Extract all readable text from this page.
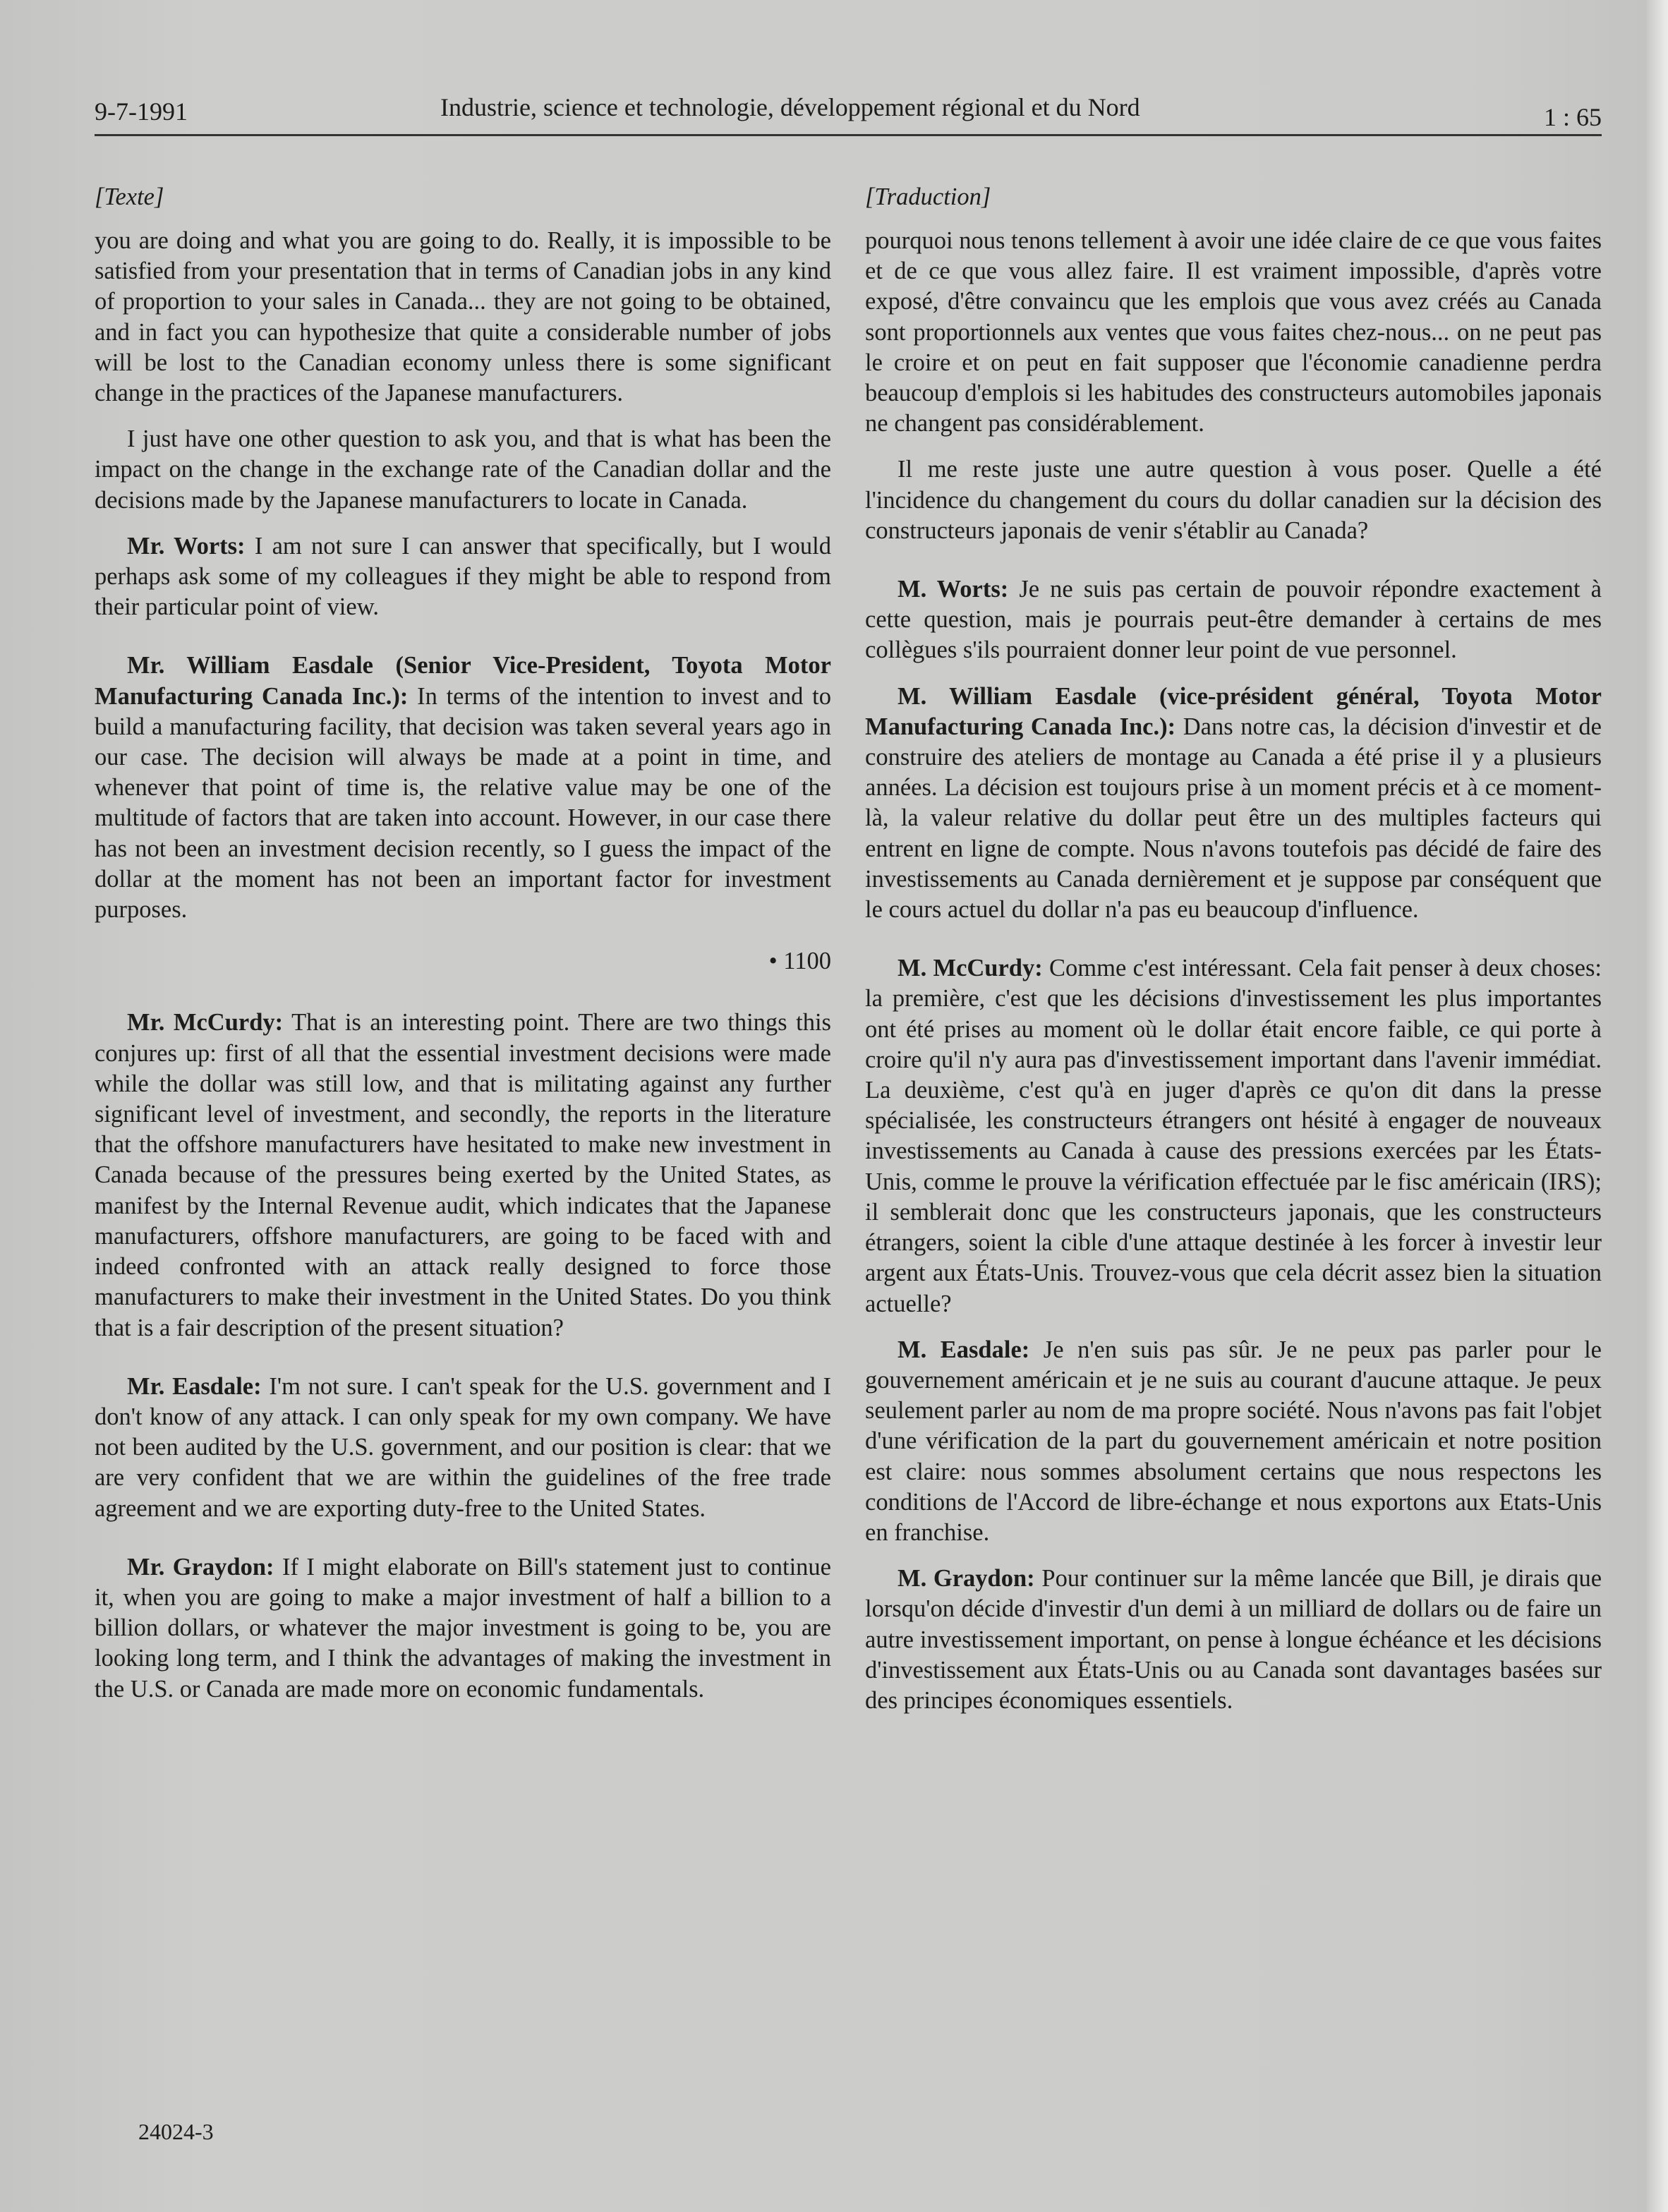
9-7-1991	Industrie, science et technologie, développement régional et du Nord	1 : 65
[Texte]

you are doing and what you are going to do. Really, it is impossible to be satisfied from your presentation that in terms of Canadian jobs in any kind of proportion to your sales in Canada... they are not going to be obtained, and in fact you can hypothesize that quite a considerable number of jobs will be lost to the Canadian economy unless there is some significant change in the practices of the Japanese manufacturers.

I just have one other question to ask you, and that is what has been the impact on the change in the exchange rate of the Canadian dollar and the decisions made by the Japanese manufacturers to locate in Canada.

Mr. Worts: I am not sure I can answer that specifically, but I would perhaps ask some of my colleagues if they might be able to respond from their particular point of view.

Mr. William Easdale (Senior Vice-President, Toyota Motor Manufacturing Canada Inc.): In terms of the intention to invest and to build a manufacturing facility, that decision was taken several years ago in our case. The decision will always be made at a point in time, and whenever that point of time is, the relative value may be one of the multitude of factors that are taken into account. However, in our case there has not been an investment decision recently, so I guess the impact of the dollar at the moment has not been an important factor for investment purposes.

• 1100

Mr. McCurdy: That is an interesting point. There are two things this conjures up: first of all that the essential investment decisions were made while the dollar was still low, and that is militating against any further significant level of investment, and secondly, the reports in the literature that the offshore manufacturers have hesitated to make new investment in Canada because of the pressures being exerted by the United States, as manifest by the Internal Revenue audit, which indicates that the Japanese manufacturers, offshore manufacturers, are going to be faced with and indeed confronted with an attack really designed to force those manufacturers to make their investment in the United States. Do you think that is a fair description of the present situation?

Mr. Easdale: I'm not sure. I can't speak for the U.S. government and I don't know of any attack. I can only speak for my own company. We have not been audited by the U.S. government, and our position is clear: that we are very confident that we are within the guidelines of the free trade agreement and we are exporting duty-free to the United States.

Mr. Graydon: If I might elaborate on Bill's statement just to continue it, when you are going to make a major investment of half a billion to a billion dollars, or whatever the major investment is going to be, you are looking long term, and I think the advantages of making the investment in the U.S. or Canada are made more on economic fundamentals.

[Traduction]

pourquoi nous tenons tellement à avoir une idée claire de ce que vous faites et de ce que vous allez faire. Il est vraiment impossible, d'après votre exposé, d'être convaincu que les emplois que vous avez créés au Canada sont proportionnels aux ventes que vous faites chez-nous... on ne peut pas le croire et on peut en fait supposer que l'économie canadienne perdra beaucoup d'emplois si les habitudes des constructeurs automobiles japonais ne changent pas considérablement.

Il me reste juste une autre question à vous poser. Quelle a été l'incidence du changement du cours du dollar canadien sur la décision des constructeurs japonais de venir s'établir au Canada?

M. Worts: Je ne suis pas certain de pouvoir répondre exactement à cette question, mais je pourrais peut-être demander à certains de mes collègues s'ils pourraient donner leur point de vue personnel.

M. William Easdale (vice-président général, Toyota Motor Manufacturing Canada Inc.): Dans notre cas, la décision d'investir et de construire des ateliers de montage au Canada a été prise il y a plusieurs années. La décision est toujours prise à un moment précis et à ce moment-là, la valeur relative du dollar peut être un des multiples facteurs qui entrent en ligne de compte. Nous n'avons toutefois pas décidé de faire des investissements au Canada dernièrement et je suppose par conséquent que le cours actuel du dollar n'a pas eu beaucoup d'influence.

M. McCurdy: Comme c'est intéressant. Cela fait penser à deux choses: la première, c'est que les décisions d'investissement les plus importantes ont été prises au moment où le dollar était encore faible, ce qui porte à croire qu'il n'y aura pas d'investissement important dans l'avenir immédiat. La deuxième, c'est qu'à en juger d'après ce qu'on dit dans la presse spécialisée, les constructeurs étrangers ont hésité à engager de nouveaux investissements au Canada à cause des pressions exercées par les États-Unis, comme le prouve la vérification effectuée par le fisc américain (IRS); il semblerait donc que les constructeurs japonais, que les constructeurs étrangers, soient la cible d'une attaque destinée à les forcer à investir leur argent aux États-Unis. Trouvez-vous que cela décrit assez bien la situation actuelle?

M. Easdale: Je n'en suis pas sûr. Je ne peux pas parler pour le gouvernement américain et je ne suis au courant d'aucune attaque. Je peux seulement parler au nom de ma propre société. Nous n'avons pas fait l'objet d'une vérification de la part du gouvernement américain et notre position est claire: nous sommes absolument certains que nous respectons les conditions de l'Accord de libre-échange et nous exportons aux Etats-Unis en franchise.

M. Graydon: Pour continuer sur la même lancée que Bill, je dirais que lorsqu'on décide d'investir d'un demi à un milliard de dollars ou de faire un autre investissement important, on pense à longue échéance et les décisions d'investissement aux États-Unis ou au Canada sont davantages basées sur des principes économiques essentiels.

24024-3
